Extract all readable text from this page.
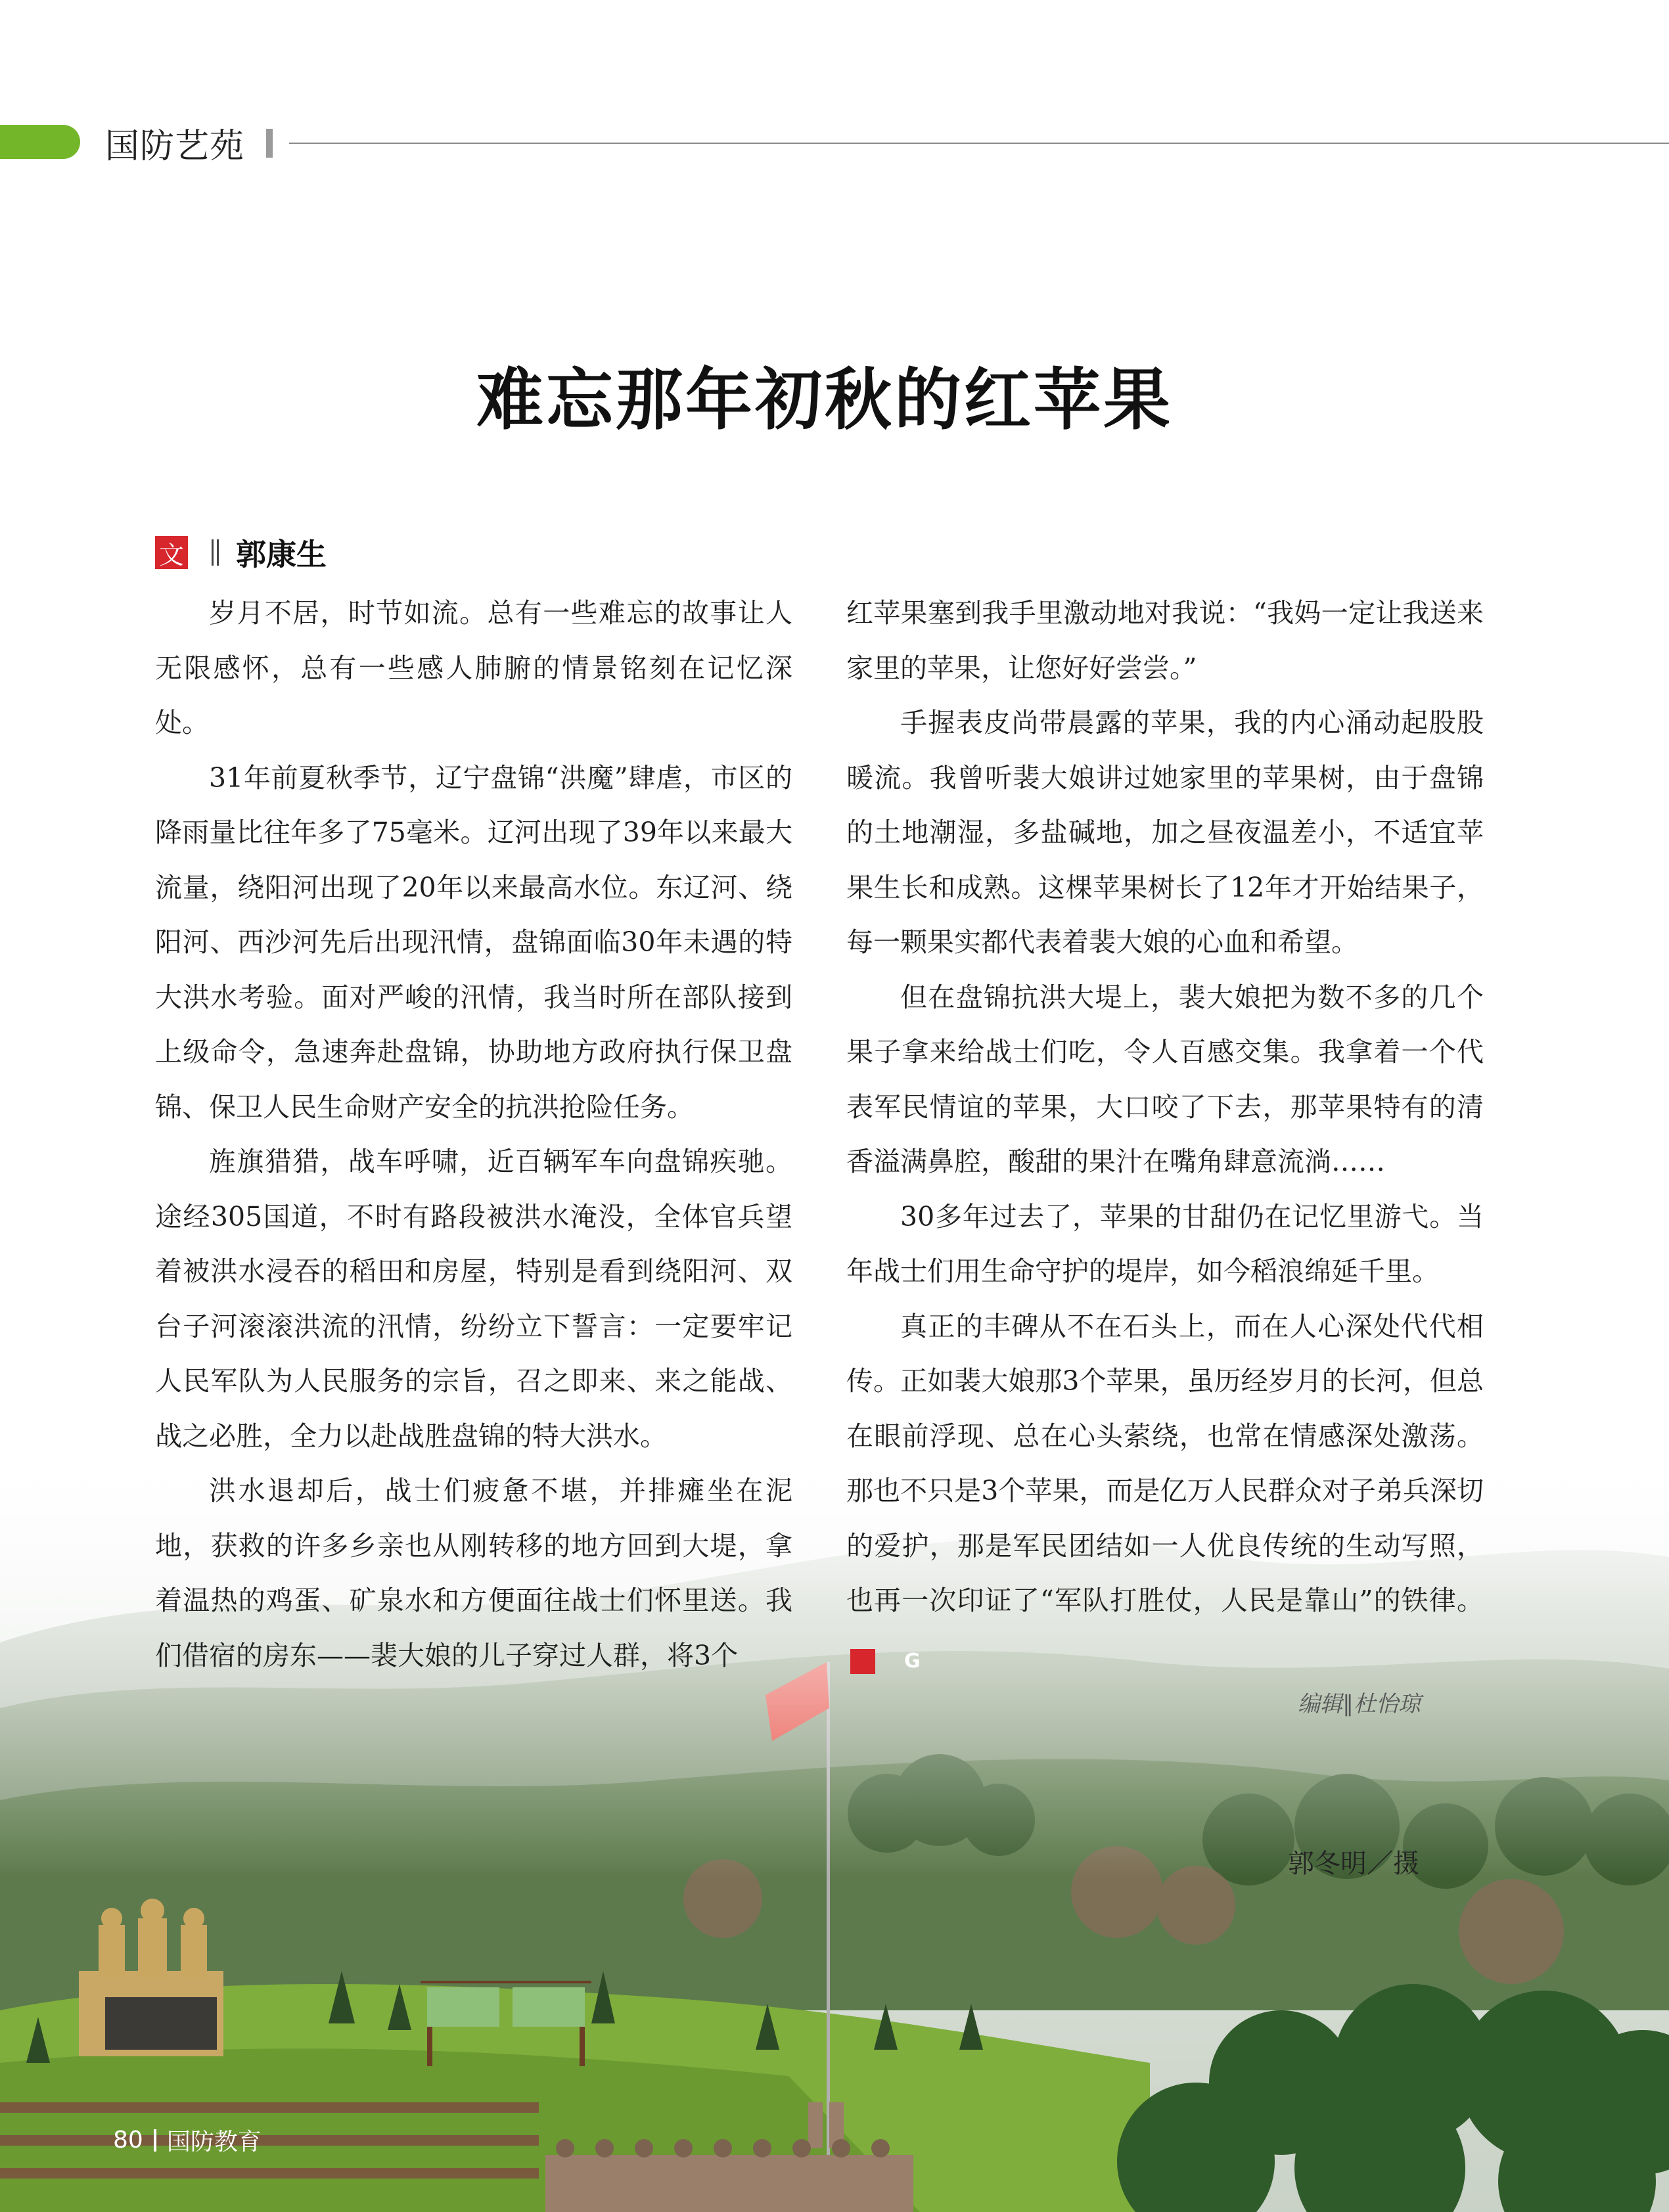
国防艺苑
难忘那年初秋的红苹果
文 郭康生

岁月不居，时节如流。总有一些难忘的故事让人无限感怀，总有一些感人肺腑的情景铭刻在记忆深处。

31年前夏秋季节，辽宁盘锦“洪魔”肆虐，市区的降雨量比往年多了75毫米。辽河出现了39年以来最大流量，绕阳河出现了20年以来最高水位。东辽河、绕阳河、西沙河先后出现汛情，盘锦面临30年未遇的特大洪水考验。面对严峻的汛情，我当时所在部队接到上级命令，急速奔赴盘锦，协助地方政府执行保卫盘锦、保卫人民生命财产安全的抗洪抢险任务。

旌旗猎猎，战车呼啸，近百辆军车向盘锦疾驰。途经305国道，不时有路段被洪水淹没，全体官兵望着被洪水浸吞的稻田和房屋，特别是看到绕阳河、双台子河滚滚洪流的汛情，纷纷立下誓言：一定要牢记人民军队为人民服务的宗旨，召之即来、来之能战、战之必胜，全力以赴战胜盘锦的特大洪水。

洪水退却后，战士们疲惫不堪，并排瘫坐在泥地，获救的许多乡亲也从刚转移的地方回到大堤，拿着温热的鸡蛋、矿泉水和方便面往战士们怀里送。我们借宿的房东——裴大娘的儿子穿过人群，将3个

红苹果塞到我手里激动地对我说：“我妈一定让我送来家里的苹果，让您好好尝尝。”

手握表皮尚带晨露的苹果，我的内心涌动起股股暖流。我曾听裴大娘讲过她家里的苹果树，由于盘锦的土地潮湿，多盐碱地，加之昼夜温差小，不适宜苹果生长和成熟。这棵苹果树长了12年才开始结果子，每一颗果实都代表着裴大娘的心血和希望。

但在盘锦抗洪大堤上，裴大娘把为数不多的几个果子拿来给战士们吃，令人百感交集。我拿着一个代表军民情谊的苹果，大口咬了下去，那苹果特有的清香溢满鼻腔，酸甜的果汁在嘴角肆意流淌……

30多年过去了，苹果的甘甜仍在记忆里游弋。当年战士们用生命守护的堤岸，如今稻浪绵延千里。

真正的丰碑从不在石头上，而在人心深处代代相传。正如裴大娘那3个苹果，虽历经岁月的长河，但总在眼前浮现、总在心头萦绕，也常在情感深处激荡。那也不只是3个苹果，而是亿万人民群众对子弟兵深切的爱护，那是军民团结如一人优良传统的生动写照，也再一次印证了“军队打胜仗，人民是靠山”的铁律。G

编辑∥杜怡琼
郭冬明／摄
80 国防教育
